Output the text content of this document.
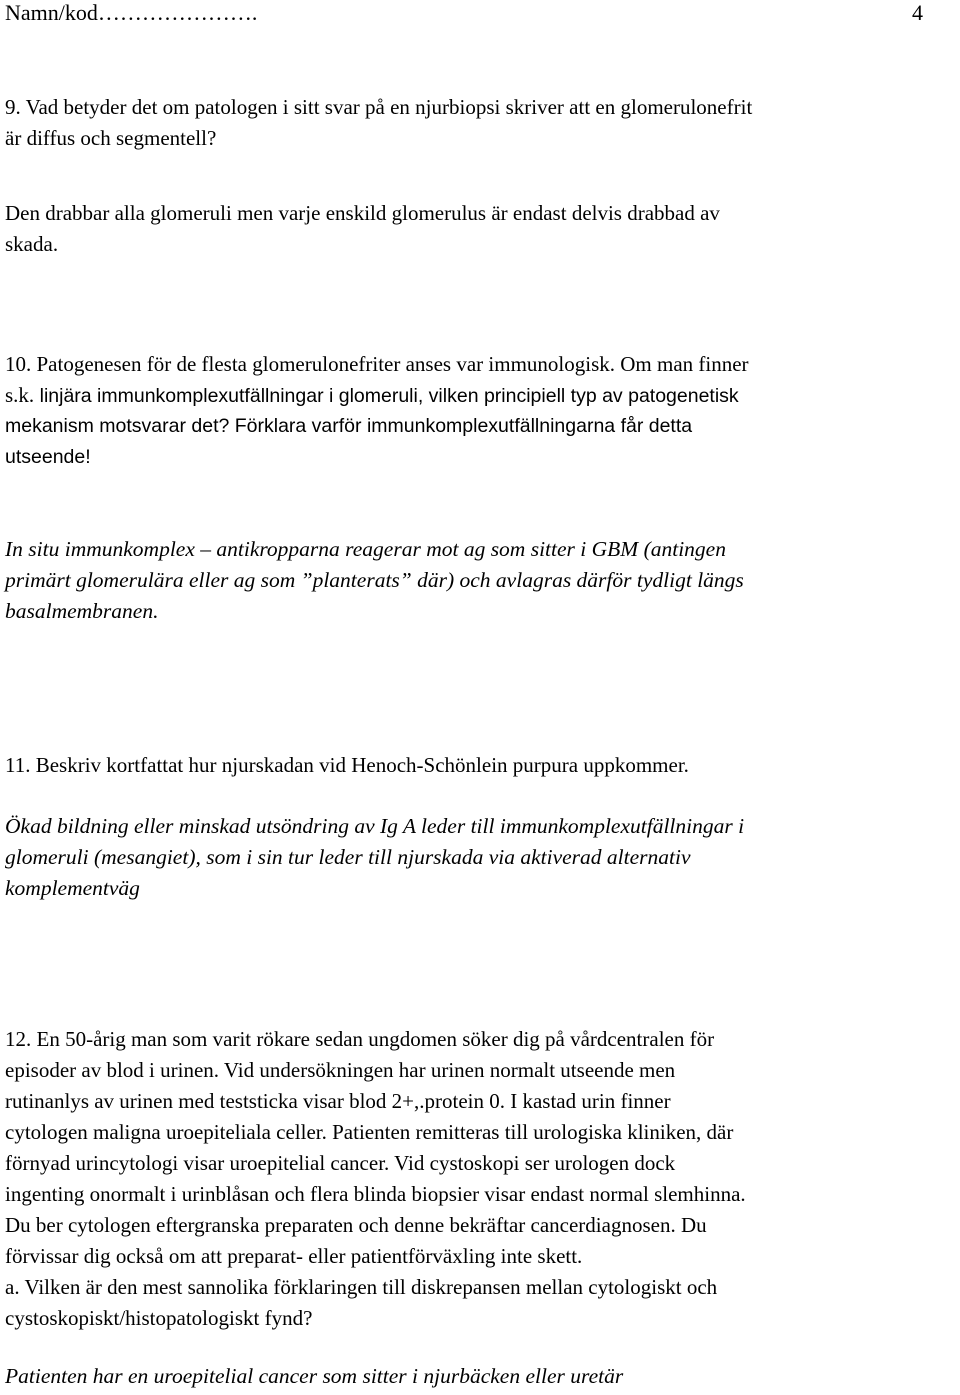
Namn/kod………………….	4
9. Vad betyder det om patologen i sitt svar på en njurbiopsi skriver att en glomerulonefrit
är diffus och segmentell?
Den drabbar alla glomeruli men varje enskild glomerulus är endast delvis drabbad av
skada.
10. Patogenesen för de flesta glomerulonefriter anses var immunologisk. Om man finner
s.k. linjära immunkomplexutfällningar i glomeruli, vilken principiell typ av patogenetisk
mekanism motsvarar det? Förklara varför immunkomplexutfällningarna får detta
utseende!
In situ immunkomplex – antikropparna reagerar mot ag som sitter i GBM (antingen
primärt glomerulära eller ag som ”planterats” där) och avlagras därför tydligt längs
basalmembranen.
11. Beskriv kortfattat hur njurskadan vid Henoch-Schönlein purpura uppkommer.
Ökad bildning eller minskad utsöndring av Ig A leder till immunkomplexutfällningar i
glomeruli (mesangiet), som i sin tur leder till njurskada via aktiverad alternativ
komplementväg
12. En 50-årig man som varit rökare sedan ungdomen söker dig på vårdcentralen för
episoder av blod i urinen. Vid undersökningen har urinen normalt utseende men
rutinanlys av urinen med teststicka visar blod 2+,.protein 0. I kastad urin finner
cytologen maligna uroepiteliala celler. Patienten remitteras till urologiska kliniken, där
förnyad urincytologi visar uroepitelial cancer. Vid cystoskopi ser urologen dock
ingenting onormalt i urinblåsan och flera blinda biopsier visar endast normal slemhinna.
Du ber cytologen eftergranska preparaten och denne bekräftar cancerdiagnosen. Du
förvissar dig också om att preparat- eller patientförväxling inte skett.
a. Vilken är den mest sannolika förklaringen till diskrepansen mellan cytologiskt och
cystoskopiskt/histopatologiskt fynd?
Patienten har en uroepitelial cancer som sitter i njurbäcken eller uretär
